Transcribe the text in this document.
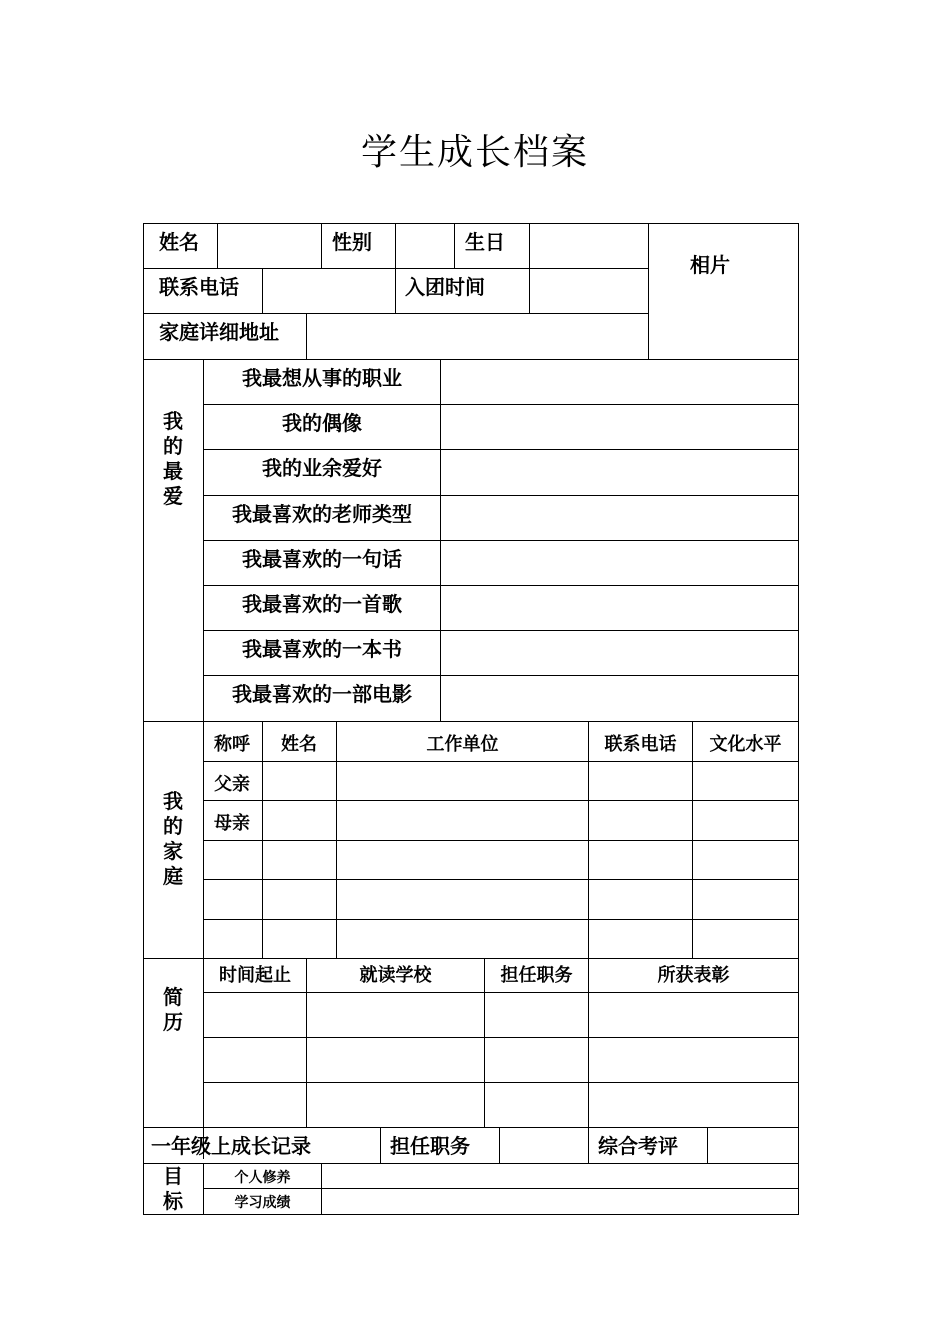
学生成长档案
姓名	性别	生日
相片
联系电话	入团时间
家庭详细地址
我
的
最
爱
我最想从事的职业
我的偶像
我的业余爱好
我最喜欢的老师类型
我最喜欢的一句话
我最喜欢的一首歌
我最喜欢的一本书
我最喜欢的一部电影
我
的
家
庭
称呼 姓名	工作单位	联系电话	文化水平
父亲
母亲
简
历
时间起止	就读学校	担任职务	所获表彰
一年级上成长记录	担任职务	综合考评
目
标
个人修养
学习成绩
